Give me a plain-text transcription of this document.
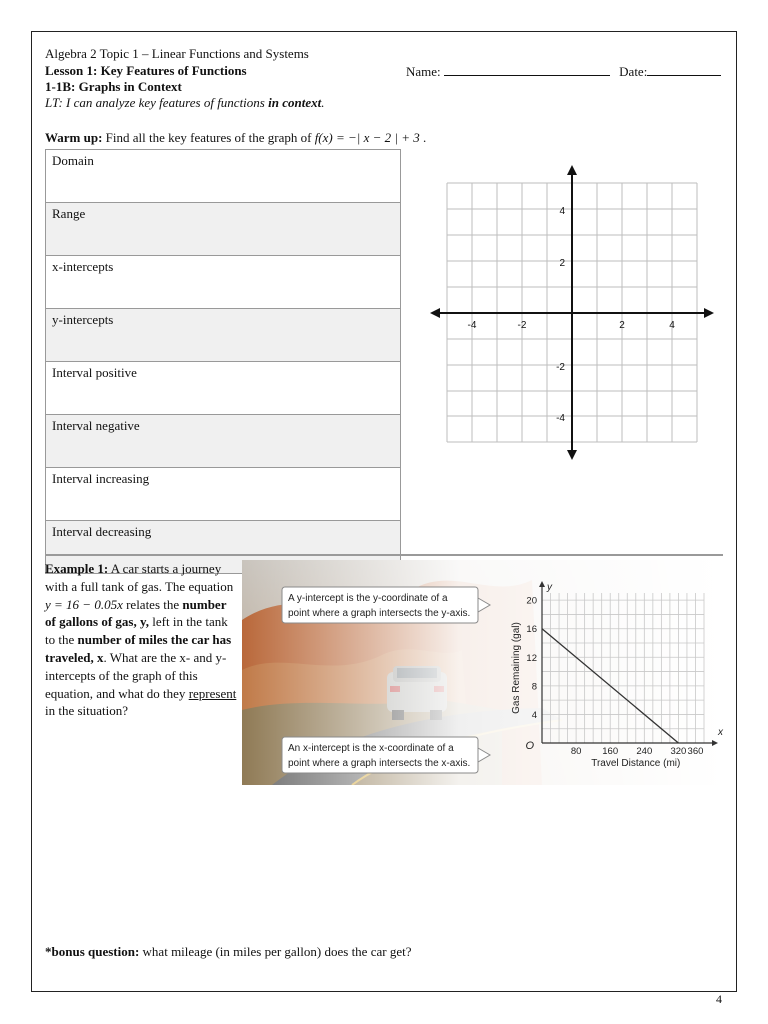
Algebra 2 Topic 1 – Linear Functions and Systems
Lesson 1: Key Features of Functions
1-1B: Graphs in Context
LT: I can analyze key features of functions in context.
Name:	Date:
Warm up: Find all the key features of the graph of f(x) = −| x − 2 | + 3 .
Domain
Range
x-intercepts
y-intercepts
Interval positive
Interval negative
Interval increasing
Interval decreasing
-4	-2	2	4
4
2
-2
-4
Example 1: A car starts a journey with a full tank of gas. The equation y = 16 − 0.05x relates the number of gallons of gas, y, left in the tank to the number of miles the car has traveled, x. What are the x- and y- intercepts of the graph of this equation, and what do they represent in the situation?
A y-intercept is the y-coordinate of a
point where a graph intersects the y-axis.
An x-intercept is the x-coordinate of a
point where a graph intersects the x-axis.
80 160 240 320 360
4
8
12
16
20
Travel Distance (mi)
Gas Remaining (gal)
O
x
y
*bonus question: what mileage (in miles per gallon) does the car get?
4
